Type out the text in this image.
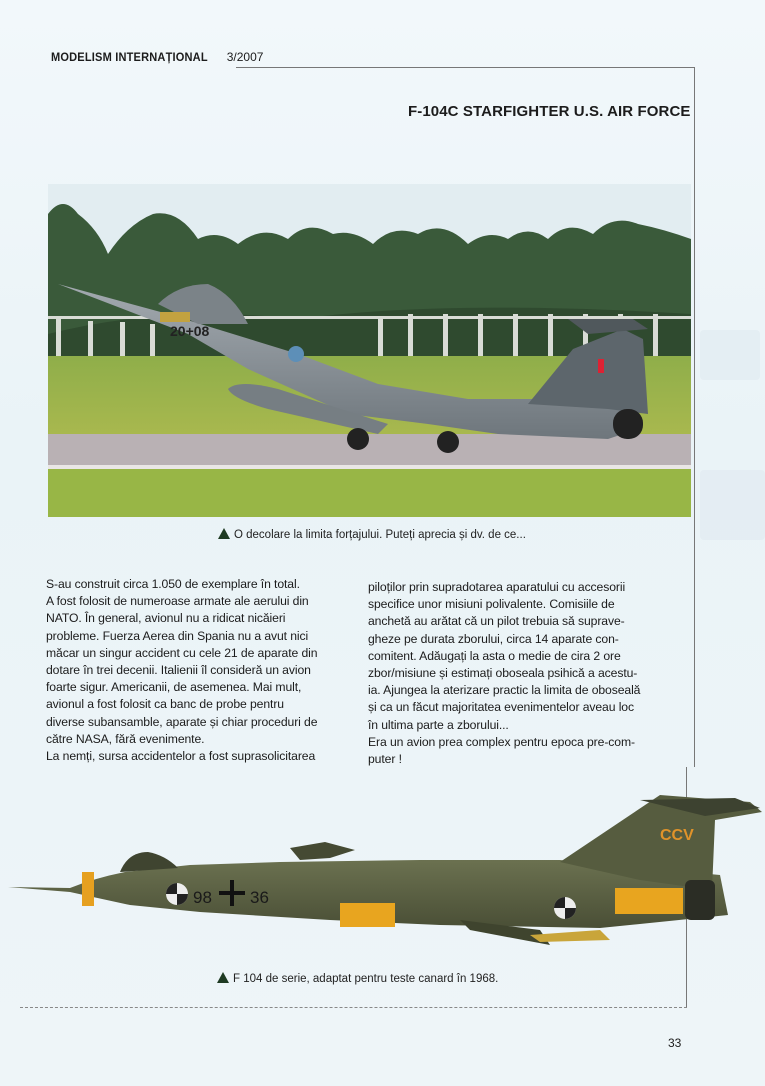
MODELISM INTERNAȚIONAL 3/2007
F-104C STARFIGHTER U.S. AIR FORCE
20+08
O decolare la limita forțajului. Puteți aprecia și dv. de ce...

S-au construit circa 1.050 de exemplare în total.

A fost folosit de numeroase armate ale aerului din

NATO. În general, avionul nu a ridicat nicăieri

probleme. Fuerza Aerea din Spania nu a avut nici

măcar un singur accident cu cele 21 de aparate din

dotare în trei decenii. Italienii îl consideră un avion

foarte sigur. Americanii, de asemenea. Mai mult,

avionul a fost folosit ca banc de probe pentru

diverse subansamble, aparate și chiar proceduri de

către NASA, fără evenimente.

La nemți, sursa accidentelor a fost suprasolicitarea

piloților prin supradotarea aparatului cu accesorii

specifice unor misiuni polivalente. Comisiile de

anchetă au arătat că un pilot trebuia să suprave-

gheze pe durata zborului, circa 14 aparate con-

comitent. Adăugați la asta o medie de cira 2 ore

zbor/misiune și estimați oboseala psihică a acestu-

ia. Ajungea la aterizare practic la limita de oboseală

și ca un făcut majoritatea evenimentelor aveau loc

în ultima parte a zborului...

Era un avion prea complex pentru epoca pre-com-

puter !

98 36
CCV
F 104 de serie, adaptat pentru teste canard în 1968.
33
